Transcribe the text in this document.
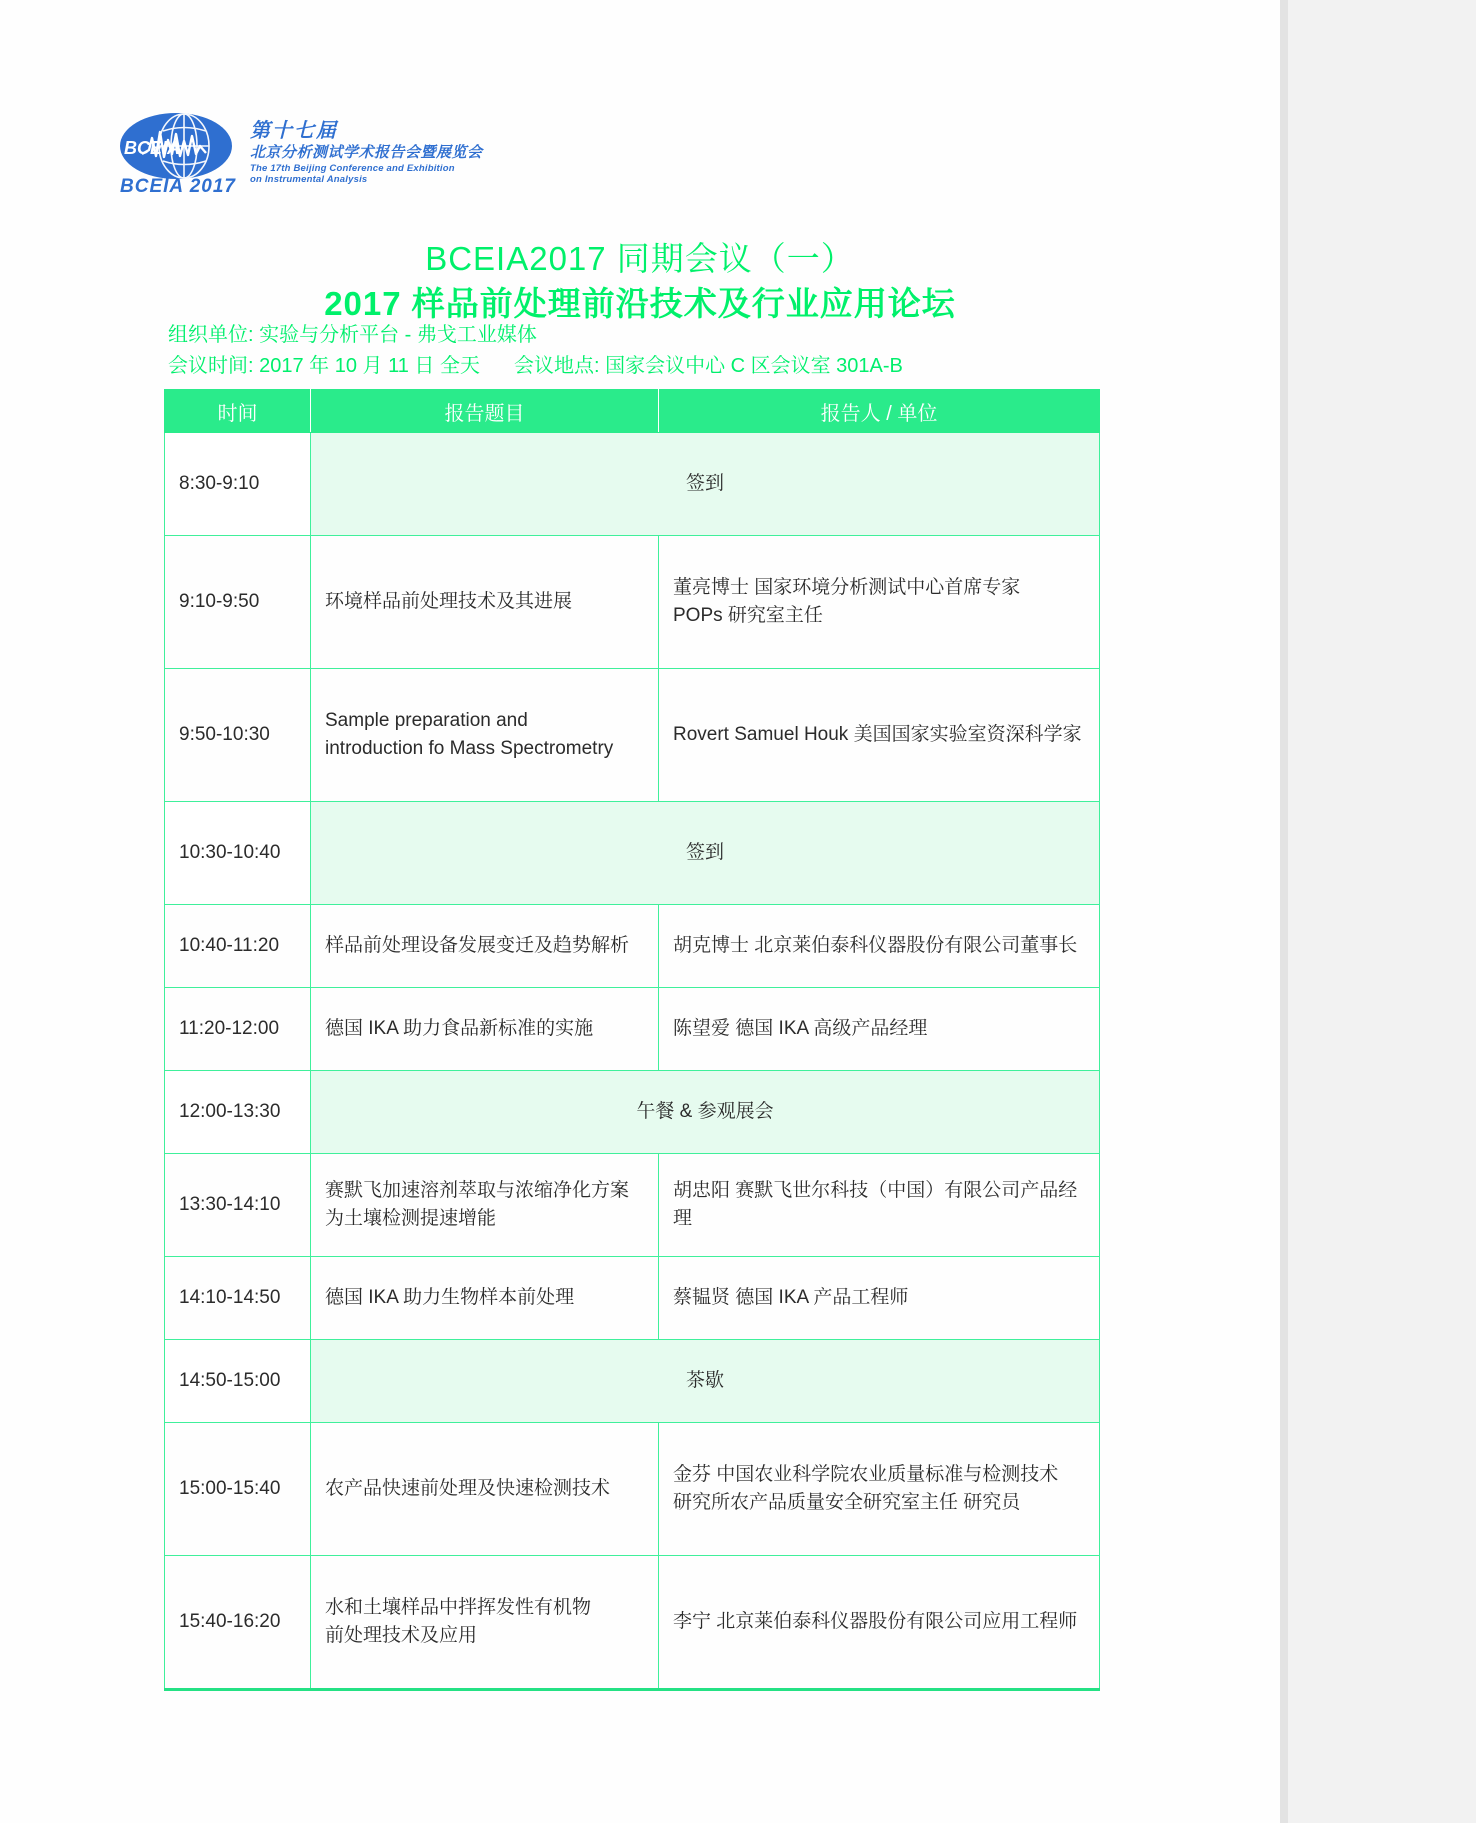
BCEIA
BCEIA 2017
第十七届
北京分析测试学术报告会暨展览会
The 17th Beijing Conference and Exhibition
on Instrumental Analysis
BCEIA2017 同期会议（一）
2017 样品前处理前沿技术及行业应用论坛
组织单位: 实验与分析平台 - 弗戈工业媒体
会议时间: 2017 年 10 月 11 日 全天 会议地点: 国家会议中心 C 区会议室 301A-B
时间	报告题目	报告人 / 单位
8:30-9:10	签到	
9:10-9:50	环境样品前处理技术及其进展	董亮博士 国家环境分析测试中心首席专家
POPs 研究室主任
9:50-10:30	Sample preparation and
introduction fo Mass Spectrometry	Rovert Samuel Houk 美国国家实验室资深科学家
10:30-10:40	签到	
10:40-11:20	样品前处理设备发展变迁及趋势解析	胡克博士 北京莱伯泰科仪器股份有限公司董事长
11:20-12:00	德国 IKA 助力食品新标准的实施	陈望爱 德国 IKA 高级产品经理
12:00-13:30	午餐 & 参观展会	
13:30-14:10	赛默飞加速溶剂萃取与浓缩净化方案
为土壤检测提速增能	胡忠阳 赛默飞世尔科技（中国）有限公司产品经理
14:10-14:50	德国 IKA 助力生物样本前处理	蔡韫贤 德国 IKA 产品工程师
14:50-15:00	茶歇	
15:00-15:40	农产品快速前处理及快速检测技术	金芬 中国农业科学院农业质量标准与检测技术
研究所农产品质量安全研究室主任 研究员
15:40-16:20	水和土壤样品中拌挥发性有机物
前处理技术及应用	李宁 北京莱伯泰科仪器股份有限公司应用工程师
